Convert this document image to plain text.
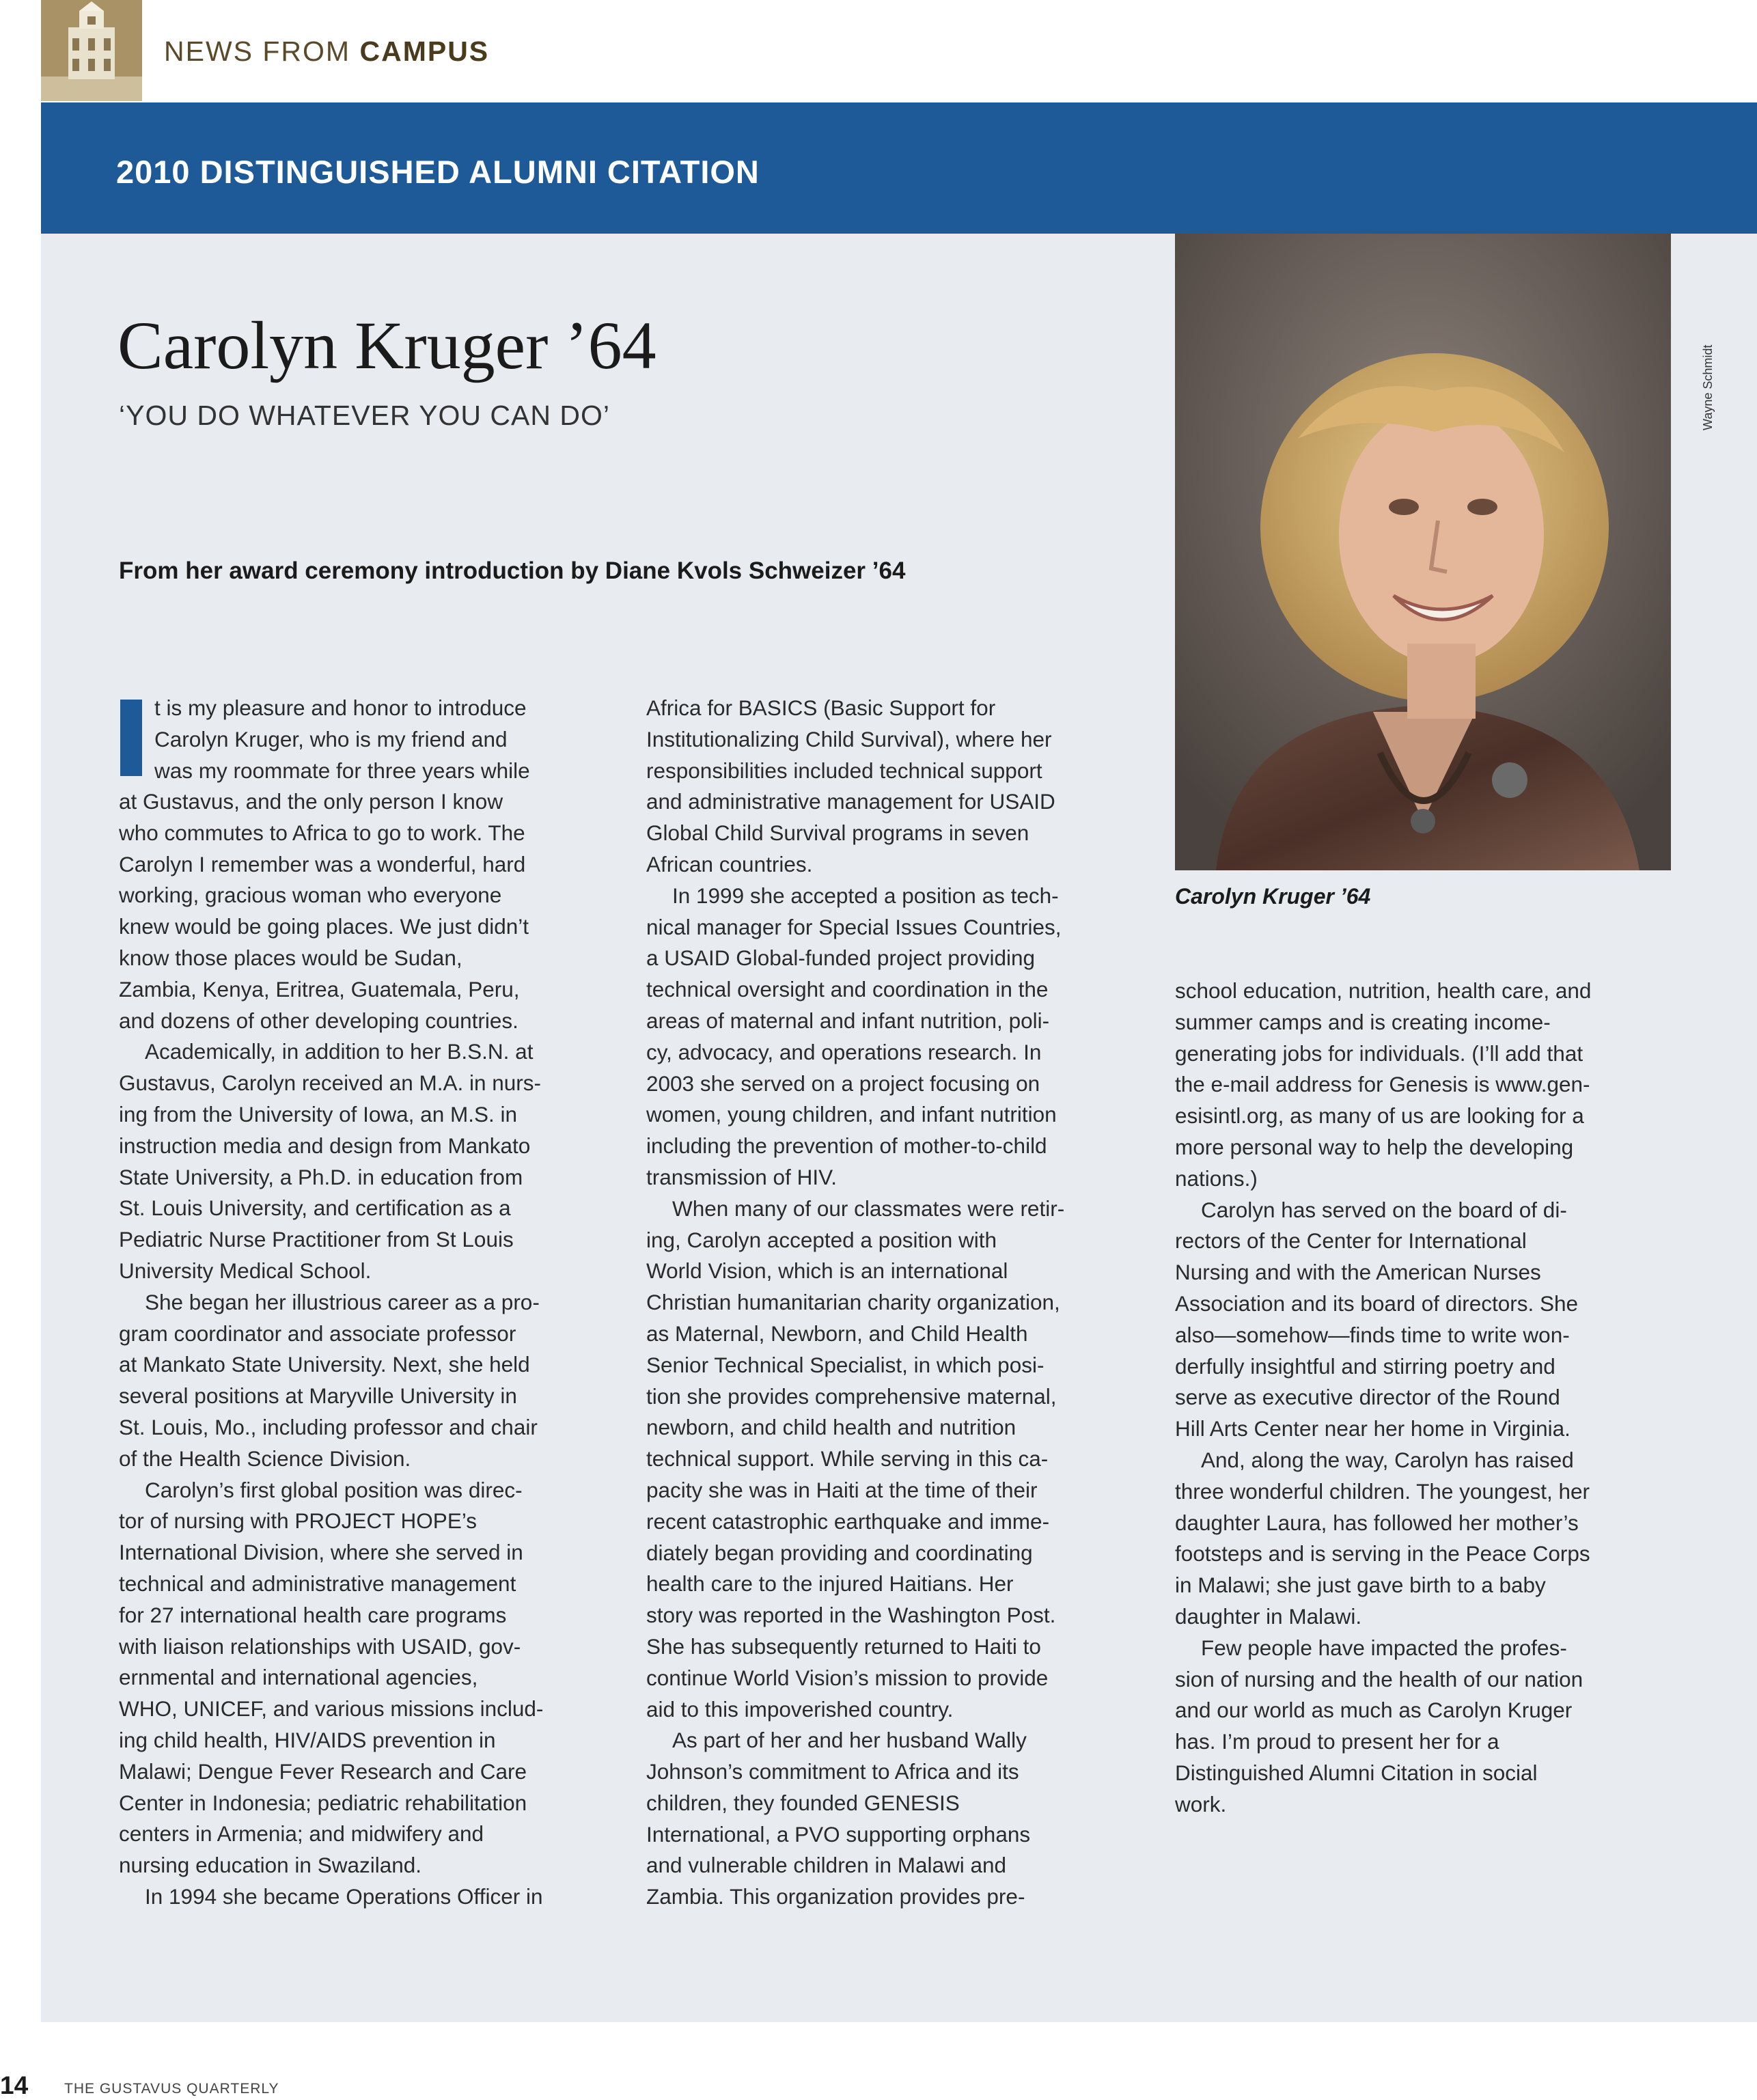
NEWS FROM CAMPUS
2010 DISTINGUISHED ALUMNI CITATION
Carolyn Kruger ’64
‘YOU DO WHATEVER YOU CAN DO’
From her award ceremony introduction by Diane Kvols Schweizer ’64
Wayne Schmidt
Carolyn Kruger ’64

t is my pleasure and honor to introduce

Carolyn Kruger, who is my friend and

was my roommate for three years while

at Gustavus, and the only person I know

who commutes to Africa to go to work. The

Carolyn I remember was a wonderful, hard

working, gracious woman who everyone

knew would be going places. We just didn’t

know those places would be Sudan,

Zambia, Kenya, Eritrea, Guatemala, Peru,

and dozens of other developing countries.

Academically, in addition to her B.S.N. at

Gustavus, Carolyn received an M.A. in nurs-

ing from the University of Iowa, an M.S. in

instruction media and design from Mankato

State University, a Ph.D. in education from

St. Louis University, and certification as a

Pediatric Nurse Practitioner from St Louis

University Medical School.

She began her illustrious career as a pro-

gram coordinator and associate professor

at Mankato State University. Next, she held

several positions at Maryville University in

St. Louis, Mo., including professor and chair

of the Health Science Division.

Carolyn’s first global position was direc-

tor of nursing with PROJECT HOPE’s

International Division, where she served in

technical and administrative management

for 27 international health care programs

with liaison relationships with USAID, gov-

ernmental and international agencies,

WHO, UNICEF, and various missions includ-

ing child health, HIV/AIDS prevention in

Malawi; Dengue Fever Research and Care

Center in Indonesia; pediatric rehabilitation

centers in Armenia; and midwifery and

nursing education in Swaziland.

In 1994 she became Operations Officer in

Africa for BASICS (Basic Support for

Institutionalizing Child Survival), where her

responsibilities included technical support

and administrative management for USAID

Global Child Survival programs in seven

African countries.

In 1999 she accepted a position as tech-

nical manager for Special Issues Countries,

a USAID Global-funded project providing

technical oversight and coordination in the

areas of maternal and infant nutrition, poli-

cy, advocacy, and operations research. In

2003 she served on a project focusing on

women, young children, and infant nutrition

including the prevention of mother-to-child

transmission of HIV.

When many of our classmates were retir-

ing, Carolyn accepted a position with

World Vision, which is an international

Christian humanitarian charity organization,

as Maternal, Newborn, and Child Health

Senior Technical Specialist, in which posi-

tion she provides comprehensive maternal,

newborn, and child health and nutrition

technical support. While serving in this ca-

pacity she was in Haiti at the time of their

recent catastrophic earthquake and imme-

diately began providing and coordinating

health care to the injured Haitians. Her

story was reported in the Washington Post.

She has subsequently returned to Haiti to

continue World Vision’s mission to provide

aid to this impoverished country.

As part of her and her husband Wally

Johnson’s commitment to Africa and its

children, they founded GENESIS

International, a PVO supporting orphans

and vulnerable children in Malawi and

Zambia. This organization provides pre-

school education, nutrition, health care, and

summer camps and is creating income-

generating jobs for individuals. (I’ll add that

the e-mail address for Genesis is www.gen-

esisintl.org, as many of us are looking for a

more personal way to help the developing

nations.)

Carolyn has served on the board of di-

rectors of the Center for International

Nursing and with the American Nurses

Association and its board of directors. She

also—somehow—finds time to write won-

derfully insightful and stirring poetry and

serve as executive director of the Round

Hill Arts Center near her home in Virginia.

And, along the way, Carolyn has raised

three wonderful children. The youngest, her

daughter Laura, has followed her mother’s

footsteps and is serving in the Peace Corps

in Malawi; she just gave birth to a baby

daughter in Malawi.

Few people have impacted the profes-

sion of nursing and the health of our nation

and our world as much as Carolyn Kruger

has. I’m proud to present her for a

Distinguished Alumni Citation in social

work.

14	THE GUSTAVUS QUARTERLY
